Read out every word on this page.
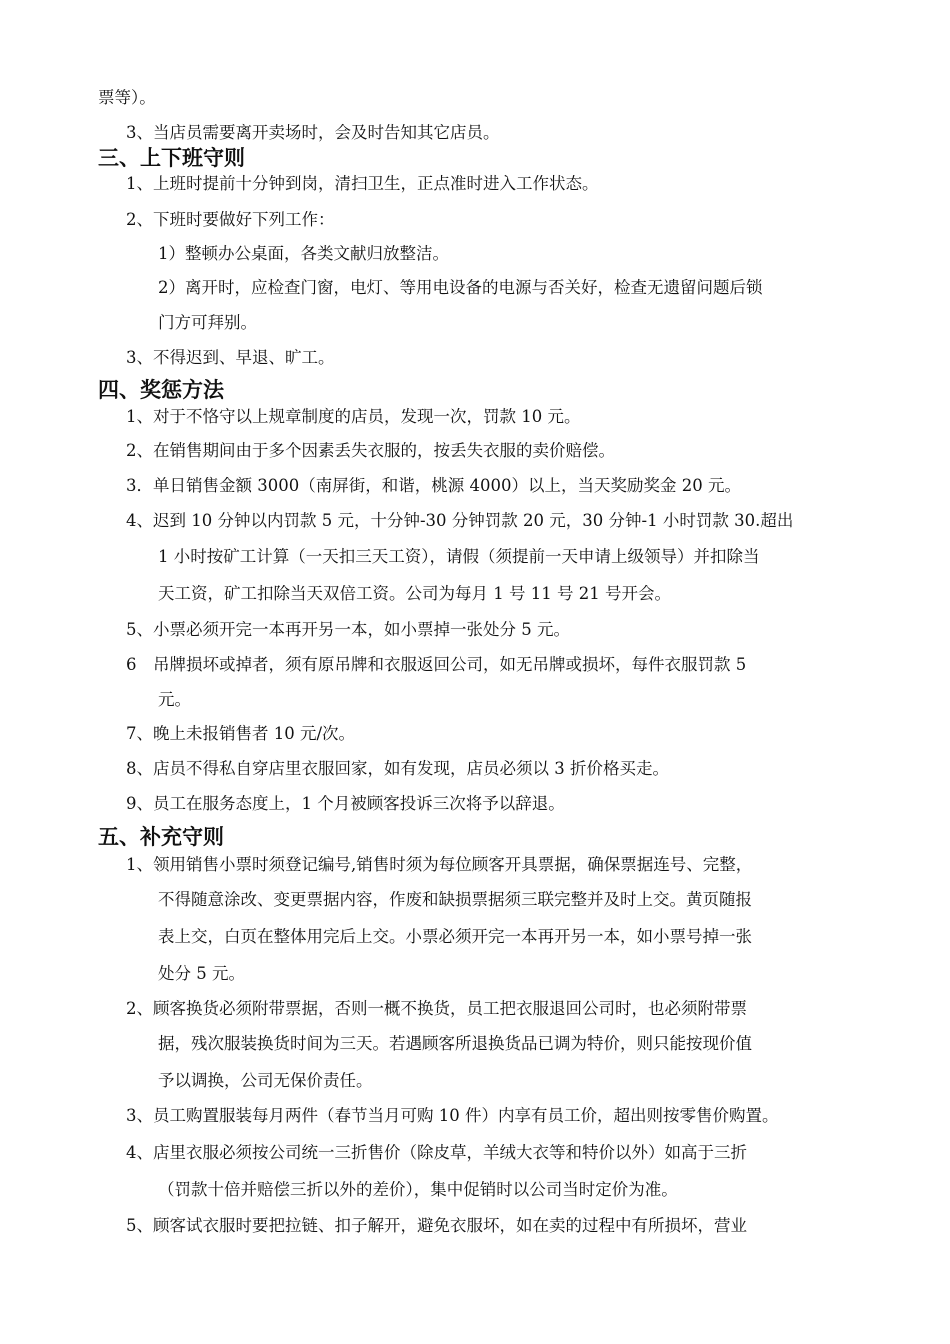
票等）。
3、当店员需要离开卖场时，会及时告知其它店员。
三、上下班守则
1、上班时提前十分钟到岗，清扫卫生，正点准时进入工作状态。
2、下班时要做好下列工作：
1）整顿办公桌面，各类文献归放整洁。
2）离开时，应检查门窗，电灯、等用电设备的电源与否关好，检查无遗留问题后锁
门方可拜别。
3、不得迟到、早退、旷工。
四、奖惩方法
1、对于不恪守以上规章制度的店员，发现一次，罚款 10 元。
2、在销售期间由于多个因素丢失衣服的，按丢失衣服的卖价赔偿。
3．单日销售金额 3000（南屏街，和谐，桃源 4000）以上，当天奖励奖金 20 元。
4、迟到 10 分钟以内罚款 5 元，十分钟-30 分钟罚款 20 元，30 分钟-1 小时罚款 30.超出
1 小时按矿工计算（一天扣三天工资），请假（须提前一天申请上级领导）并扣除当
天工资，矿工扣除当天双倍工资。公司为每月 1 号 11 号 21 号开会。
5、小票必须开完一本再开另一本，如小票掉一张处分 5 元。
6　吊牌损坏或掉者，须有原吊牌和衣服返回公司，如无吊牌或损坏，每件衣服罚款 5
元。
7、晚上未报销售者 10 元/次。
8、店员不得私自穿店里衣服回家，如有发现，店员必须以 3 折价格买走。
9、员工在服务态度上，1 个月被顾客投诉三次将予以辞退。
五、补充守则
1、领用销售小票时须登记编号,销售时须为每位顾客开具票据，确保票据连号、完整，
不得随意涂改、变更票据内容，作废和缺损票据须三联完整并及时上交。黄页随报
表上交，白页在整体用完后上交。小票必须开完一本再开另一本，如小票号掉一张
处分 5 元。
2、顾客换货必须附带票据，否则一概不换货，员工把衣服退回公司时，也必须附带票
据，残次服装换货时间为三天。若遇顾客所退换货品已调为特价，则只能按现价值
予以调换，公司无保价责任。
3、员工购置服装每月两件（春节当月可购 10 件）内享有员工价，超出则按零售价购置。
4、店里衣服必须按公司统一三折售价（除皮草，羊绒大衣等和特价以外）如高于三折
（罚款十倍并赔偿三折以外的差价），集中促销时以公司当时定价为准。
5、顾客试衣服时要把拉链、扣子解开，避免衣服坏，如在卖的过程中有所损坏，营业
